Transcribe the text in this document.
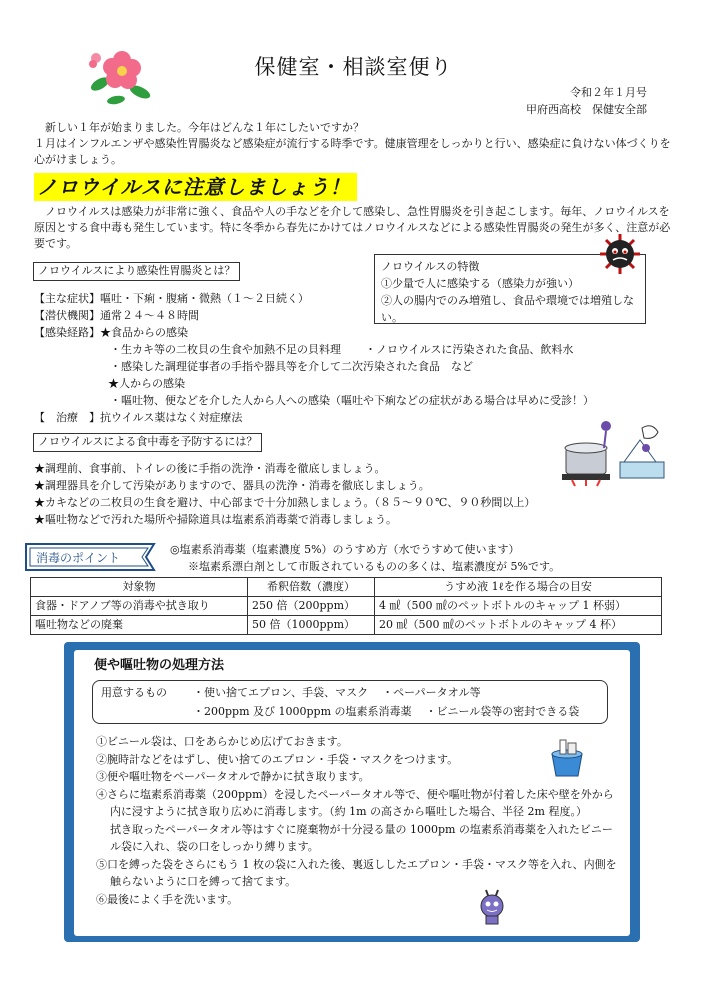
保健室・相談室便り
令和２年１月号
甲府西高校　保健安全部
新しい１年が始まりました。今年はどんな１年にしたいですか？
１月はインフルエンザや感染性胃腸炎など感染症が流行する時季です。健康管理をしっかりと行い、感染症に負けない体づくりを心がけましょう。
ノロウイルスに注意しましょう！
ノロウイルスは感染力が非常に強く、食品や人の手などを介して感染し、急性胃腸炎を引き起こします。毎年、ノロウイルスを原因とする食中毒も発生しています。特に冬季から春先にかけてはノロウイルスなどによる感染性胃腸炎の発生が多く、注意が必要です。
ノロウイルスの特徴
①少量で人に感染する（感染力が強い）
②人の腸内でのみ増殖し、食品や環境では増殖しない。
ノロウイルスにより感染性胃腸炎とは？
【主な症状】嘔吐・下痢・腹痛・微熱（１～２日続く）
【潜伏機関】通常２４～４８時間
【感染経路】★食品からの感染
・生カキ等の二枚貝の生食や加熱不足の貝料理 ・ノロウイルスに汚染された食品、飲料水
・感染した調理従事者の手指や器具等を介して二次汚染された食品　など
★人からの感染
・嘔吐物、便などを介した人から人への感染（嘔吐や下痢などの症状がある場合は早めに受診！）
【　治療　】抗ウイルス薬はなく対症療法
ノロウイルスによる食中毒を予防するには？
★調理前、食事前、トイレの後に手指の洗浄・消毒を徹底しましょう。
★調理器具を介して汚染がありますので、器具の洗浄・消毒を徹底しましょう。
★カキなどの二枚貝の生食を避け、中心部まで十分加熱しましょう。（８５～９０℃、９０秒間以上）
★嘔吐物などで汚れた場所や掃除道具は塩素系消毒薬で消毒しましょう。
消毒のポイント
◎塩素系消毒薬（塩素濃度 5%）のうすめ方（水でうすめて使います）
※塩素系漂白剤として市販されているものの多くは、塩素濃度が 5%です。
対象物	希釈倍数（濃度）	うすめ液 1ℓを作る場合の目安
食器・ドアノブ等の消毒や拭き取り	250 倍（200ppm）	4 ㎖（500 ㎖のペットボトルのキャップ 1 杯弱）
嘔吐物などの廃棄	50 倍（1000ppm）	20 ㎖（500 ㎖のペットボトルのキャップ 4 杯）
便や嘔吐物の処理方法
用意するもの ・使い捨てエプロン、手袋、マスク ・ペーパータオル等
・200ppm 及び 1000ppm の塩素系消毒薬 ・ビニール袋等の密封できる袋

①ビニール袋は、口をあらかじめ広げておきます。

②腕時計などをはずし、使い捨てのエプロン・手袋・マスクをつけます。

③便や嘔吐物をペーパータオルで静かに拭き取ります。

④さらに塩素系消毒薬（200ppm）を浸したペーパータオル等で、便や嘔吐物が付着した床や壁を外から内に浸すように拭き取り広めに消毒します。（約 1m の高さから嘔吐した場合、半径 2m 程度。）

拭き取ったペーパータオル等はすぐに廃棄物が十分浸る量の 1000pm の塩素系消毒薬を入れたビニール袋に入れ、袋の口をしっかり縛ります。

⑤口を縛った袋をさらにもう 1 枚の袋に入れた後、裏返ししたエプロン・手袋・マスク等を入れ、内側を触らないように口を縛って捨てます。

⑥最後によく手を洗います。
